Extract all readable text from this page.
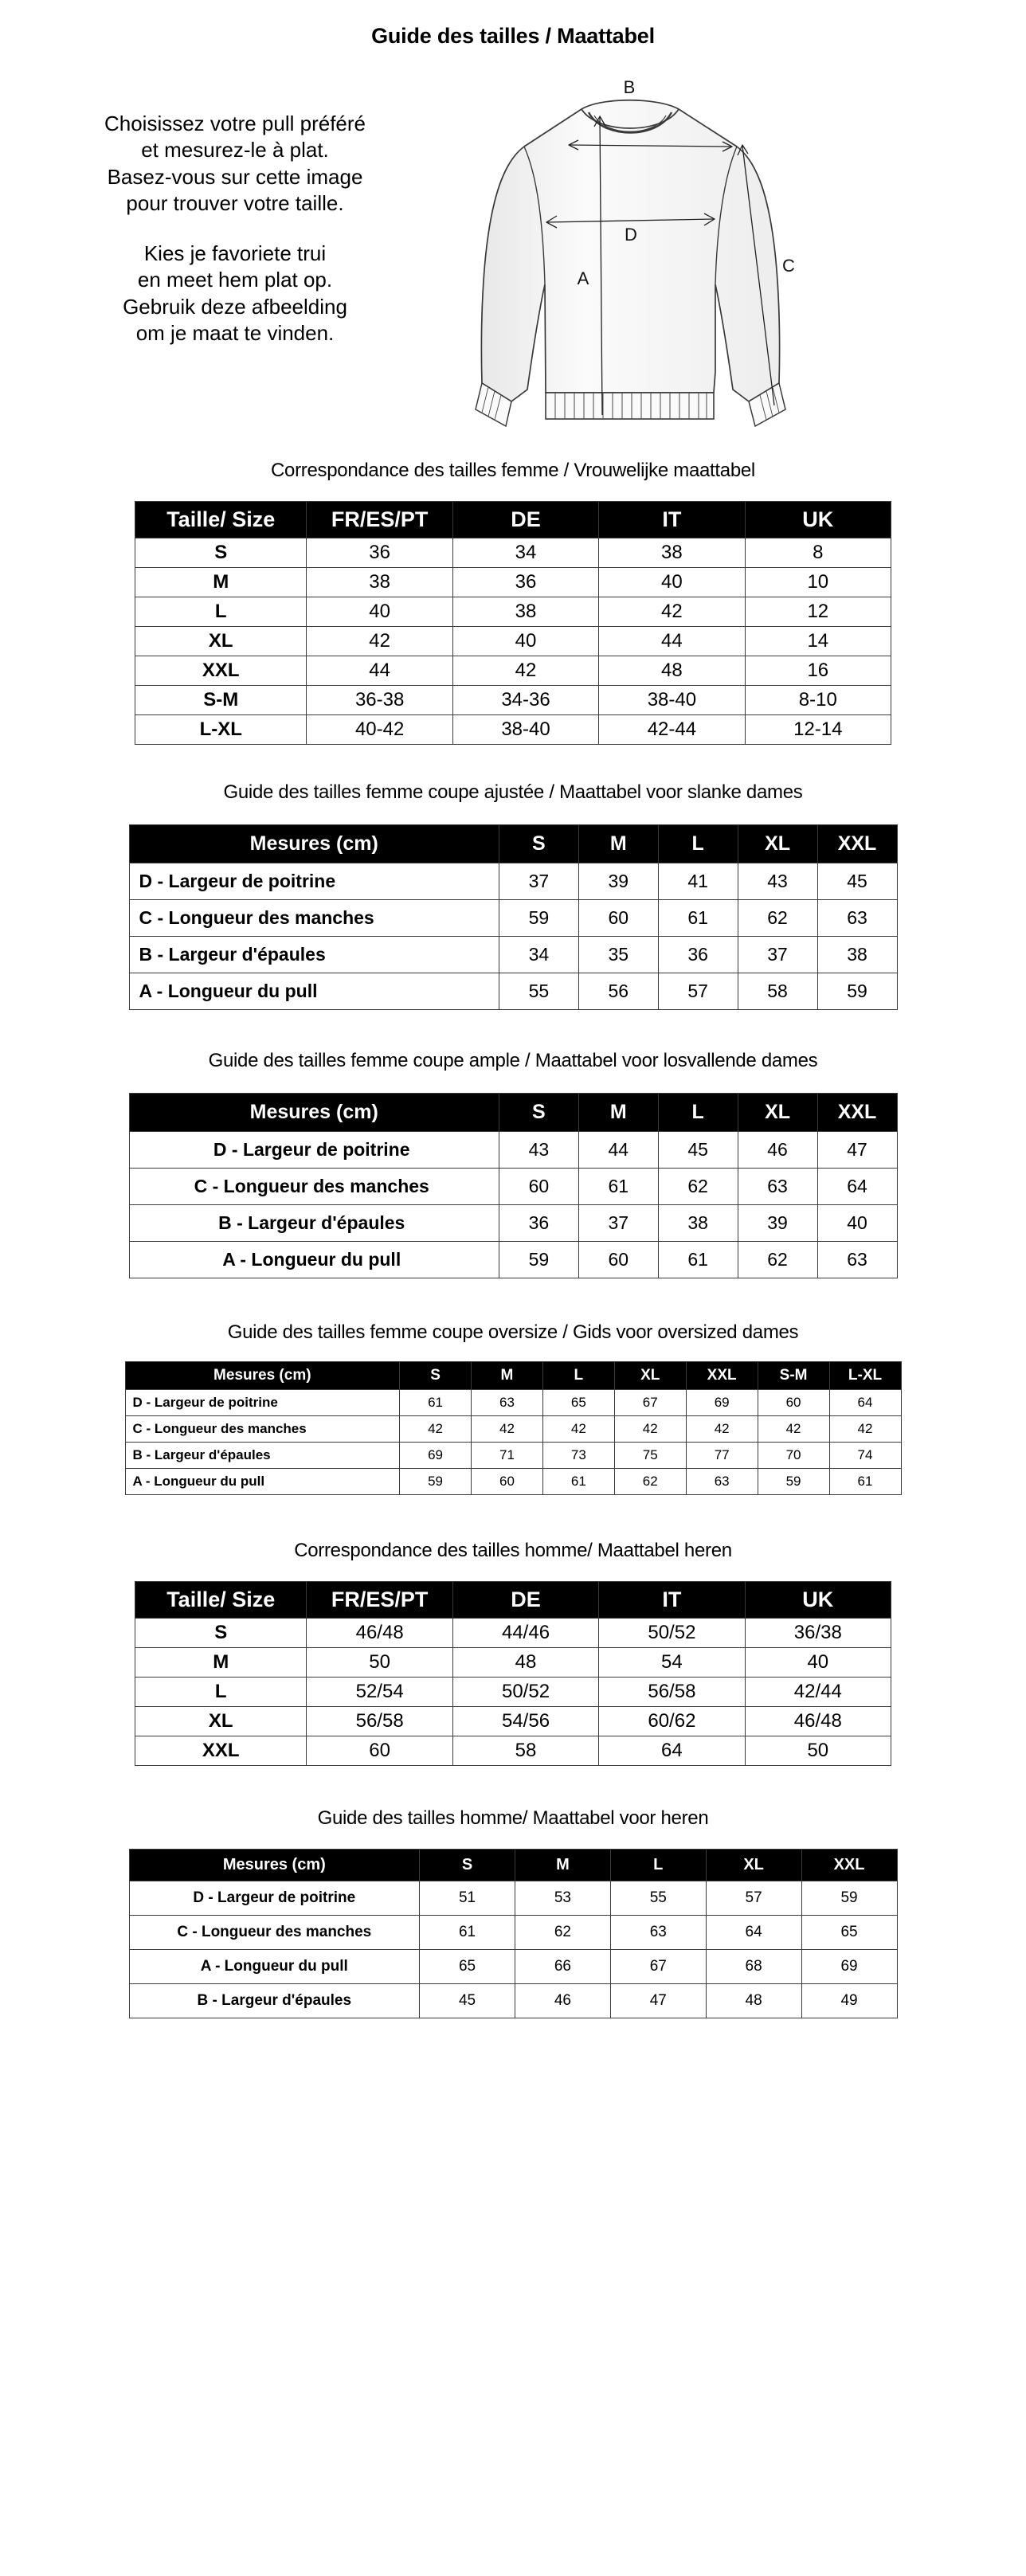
Guide des tailles / Maattabel

Choisissez votre pull préféré

et mesurez-le à plat.

Basez-vous sur cette image

pour trouver votre taille.

Kies je favoriete trui

en meet hem plat op.

Gebruik deze afbeelding

om je maat te vinden.

B
C
D
A
Correspondance des tailles femme / Vrouwelijke maattabel
Taille/ Size	FR/ES/PT	DE	IT	UK
S	36	34	38	8
M	38	36	40	10
L	40	38	42	12
XL	42	40	44	14
XXL	44	42	48	16
S-M	36-38	34-36	38-40	8-10
L-XL	40-42	38-40	42-44	12-14
Guide des tailles femme coupe ajustée / Maattabel voor slanke dames
Mesures (cm)	S	M	L	XL	XXL
D - Largeur de poitrine	37	39	41	43	45
C - Longueur des manches	59	60	61	62	63
B - Largeur d'épaules	34	35	36	37	38
A - Longueur du pull	55	56	57	58	59
Guide des tailles femme coupe ample / Maattabel voor losvallende dames
Mesures (cm)	S	M	L	XL	XXL
D - Largeur de poitrine	43	44	45	46	47
C - Longueur des manches	60	61	62	63	64
B - Largeur d'épaules	36	37	38	39	40
A - Longueur du pull	59	60	61	62	63
Guide des tailles femme coupe oversize / Gids voor oversized dames
Mesures (cm)	S	M	L	XL	XXL	S-M	L-XL
D - Largeur de poitrine	61	63	65	67	69	60	64
C - Longueur des manches	42	42	42	42	42	42	42
B - Largeur d'épaules	69	71	73	75	77	70	74
A - Longueur du pull	59	60	61	62	63	59	61
Correspondance des tailles homme/ Maattabel heren
Taille/ Size	FR/ES/PT	DE	IT	UK
S	46/48	44/46	50/52	36/38
M	50	48	54	40
L	52/54	50/52	56/58	42/44
XL	56/58	54/56	60/62	46/48
XXL	60	58	64	50
Guide des tailles homme/ Maattabel voor heren
Mesures (cm)	S	M	L	XL	XXL
D - Largeur de poitrine	51	53	55	57	59
C - Longueur des manches	61	62	63	64	65
A - Longueur du pull	65	66	67	68	69
B - Largeur d'épaules	45	46	47	48	49
